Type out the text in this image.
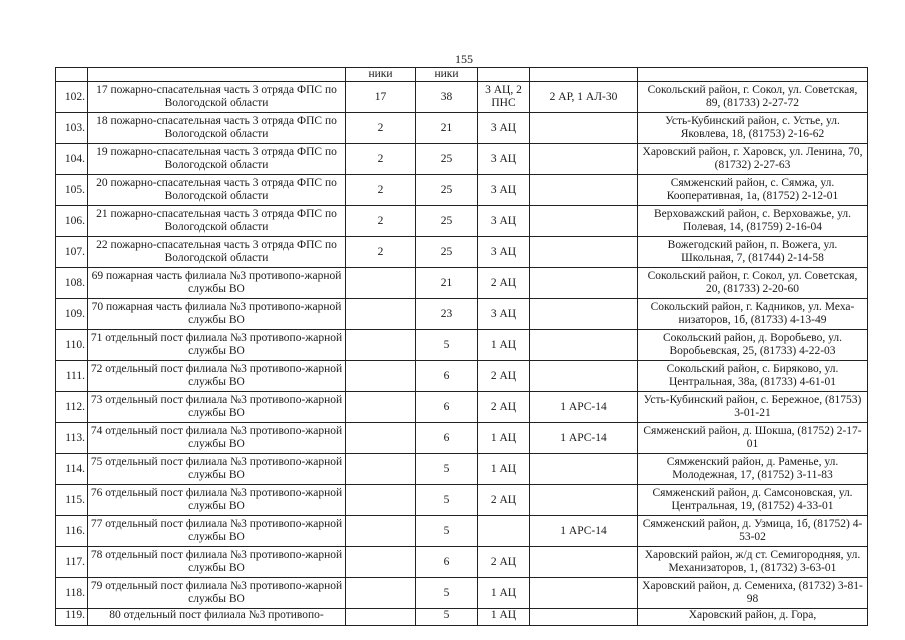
155
		ники	ники			
102.	17 пожарно-спасательная часть 3 отряда ФПС по Вологодской области	17	38	3 АЦ, 2 ПНС	2 АР, 1 АЛ-30	Сокольский район, г. Сокол, ул. Советская, 89, (81733) 2-27-72
103.	18 пожарно-спасательная часть 3 отряда ФПС по Вологодской области	2	21	3 АЦ		Усть-Кубинский район, с. Устье, ул. Яковлева, 18, (81753) 2-16-62
104.	19 пожарно-спасательная часть 3 отряда ФПС по Вологодской области	2	25	3 АЦ		Харовский район, г. Харовск, ул. Ленина, 70, (81732) 2-27-63
105.	20 пожарно-спасательная часть 3 отряда ФПС по Вологодской области	2	25	3 АЦ		Сямженский район, с. Сямжа, ул. Кооперативная, 1а, (81752) 2-12-01
106.	21 пожарно-спасательная часть 3 отряда ФПС по Вологодской области	2	25	3 АЦ		Верховажский район, с. Верховажье, ул. Полевая, 14, (81759) 2-16-04
107.	22 пожарно-спасательная часть 3 отряда ФПС по Вологодской области	2	25	3 АЦ		Вожегодский район, п. Вожега, ул. Школьная, 7, (81744) 2-14-58
108.	69 пожарная часть филиала №3 противопо-жарной службы ВО		21	2 АЦ		Сокольский район, г. Сокол, ул. Советская, 20, (81733) 2-20-60
109.	70 пожарная часть филиала №3 противопо-жарной службы ВО		23	3 АЦ		Сокольский район, г. Кадников, ул. Меха-низаторов, 1б, (81733) 4-13-49
110.	71 отдельный пост филиала №3 противопо-жарной службы ВО		5	1 АЦ		Сокольский район, д. Воробьево, ул. Воробьевская, 25, (81733) 4-22-03
111.	72 отдельный пост филиала №3 противопо-жарной службы ВО		6	2 АЦ		Сокольский район, с. Биряково, ул. Центральная, 38а, (81733) 4-61-01
112.	73 отдельный пост филиала №3 противопо-жарной службы ВО		6	2 АЦ	1 АРС-14	Усть-Кубинский район, с. Бережное, (81753) 3-01-21
113.	74 отдельный пост филиала №3 противопо-жарной службы ВО		6	1 АЦ	1 АРС-14	Сямженский район, д. Шокша, (81752) 2-17-01
114.	75 отдельный пост филиала №3 противопо-жарной службы ВО		5	1 АЦ		Сямженский район, д. Раменье, ул. Молодежная, 17, (81752) 3-11-83
115.	76 отдельный пост филиала №3 противопо-жарной службы ВО		5	2 АЦ		Сямженский район, д. Самсоновская, ул. Центральная, 19, (81752) 4-33-01
116.	77 отдельный пост филиала №3 противопо-жарной службы ВО		5		1 АРС-14	Сямженский район, д. Узмица, 1б, (81752) 4-53-02
117.	78 отдельный пост филиала №3 противопо-жарной службы ВО		6	2 АЦ		Харовский район, ж/д ст. Семигородняя, ул. Механизаторов, 1, (81732) 3-63-01
118.	79 отдельный пост филиала №3 противопо-жарной службы ВО		5	1 АЦ		Харовский район, д. Семениха, (81732) 3-81-98
119.	80 отдельный пост филиала №3 противопо-		5	1 АЦ		Харовский район, д. Гора,
